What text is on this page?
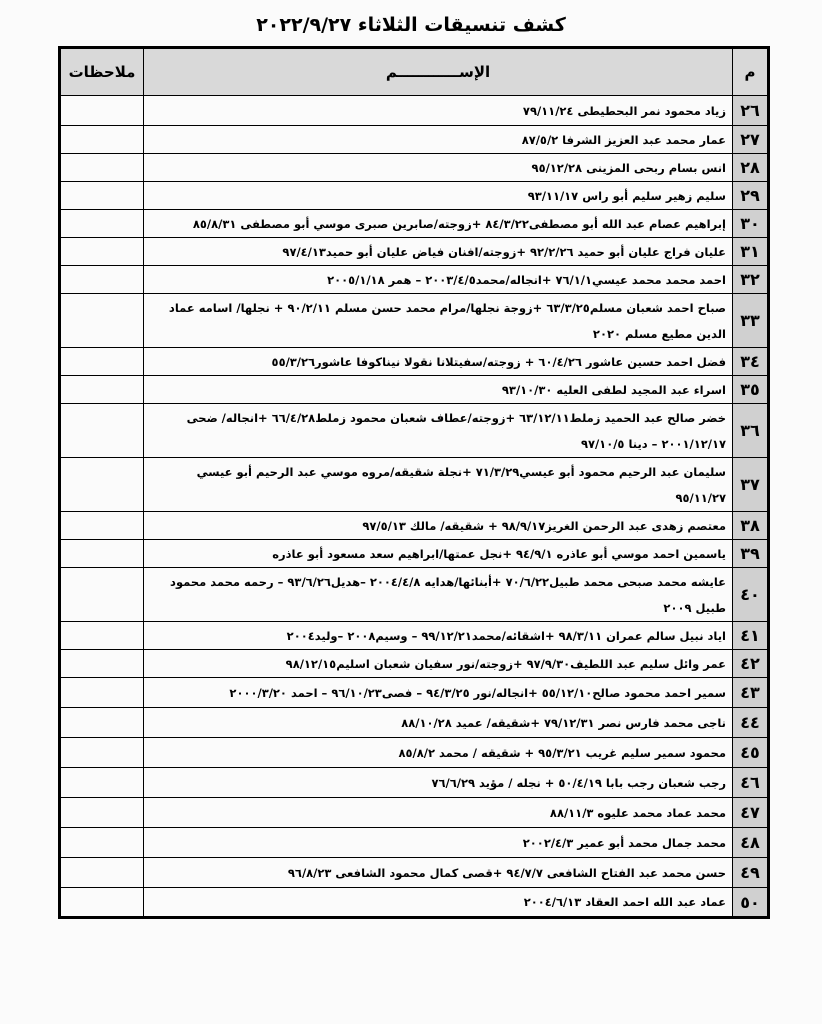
كشف تنسيقات الثلاثاء ٢٠٢٢/٩/٢٧
م	الإســــــــــــم	ملاحظات
٢٦	زياد محمود نمر البحطيطى ٧٩/١١/٢٤	
٢٧	عمار محمد عبد العزيز الشرفا ٨٧/٥/٢	
٢٨	انس بسام ربحى المزينى ٩٥/١٢/٢٨	
٢٩	سليم زهير سليم أبو راس ٩٣/١١/١٧	
٣٠	إبراهيم عصام عبد الله أبو مصطفى٨٤/٣/٢٢ +زوجته/صابرين صبرى موسي أبو مصطفى ٨٥/٨/٣١	
٣١	عليان فراج عليان أبو حميد ٩٢/٢/٢٦ +زوجته/افنان فياض عليان أبو حميد٩٧/٤/١٣	
٣٢	احمد محمد محمد عيسي٧٦/١/١ +انجاله/محمد٢٠٠٣/٤/٥ – همر ٢٠٠٥/١/١٨	
٣٣	صباح احمد شعبان مسلم٦٣/٣/٢٥ +زوجة نجلها/مرام محمد حسن مسلم ٩٠/٢/١١ + نجلها/ اسامه عماد الدين مطيع مسلم ٢٠٢٠	
٣٤	فضل احمد حسين عاشور ٦٠/٤/٢٦ + زوجته/سفيتلانا نقولا نيناكوفا عاشور٥٥/٣/٢٦	
٣٥	اسراء عبد المجيد لطفى العليه ٩٣/١٠/٣٠	
٣٦	خضر صالح عبد الحميد زملط٦٣/١٢/١١ +زوجته/عطاف شعبان محمود زملط٦٦/٤/٢٨ +انجاله/ ضحى ٢٠٠١/١٢/١٧ – دينا ٩٧/١٠/٥	
٣٧	سليمان عبد الرحيم محمود أبو عيسي٧١/٣/٢٩ +نجلة شقيقه/مروه موسي عبد الرحيم أبو عيسي ٩٥/١١/٢٧	
٣٨	معتصم زهدى عبد الرحمن الغريز٩٨/٩/١٧ + شقيقه/ مالك ٩٧/٥/١٣	
٣٩	ياسمين احمد موسي أبو عاذره ٩٤/٩/١ +نجل عمتها/ابراهيم سعد مسعود أبو عاذره	
٤٠	عايشه محمد صبحى محمد طبيل٧٠/٦/٢٢ +أبنائها/هدايه ٢٠٠٤/٤/٨ –هديل٩٣/٦/٢٦ – رحمه محمد محمود طبيل ٢٠٠٩	
٤١	اياد نبيل سالم عمران ٩٨/٣/١١ +اشقائه/محمد٩٩/١٢/٢١ – وسيم٢٠٠٨ –وليد٢٠٠٤	
٤٢	عمر وائل سليم عبد اللطيف٩٧/٩/٣٠ +زوجته/نور سفيان شعبان اسليم٩٨/١٢/١٥	
٤٣	سمير احمد محمود صالح٥٥/١٢/١٠ +انجاله/نور ٩٤/٣/٢٥ – فصى٩٦/١٠/٢٣ – احمد ٢٠٠٠/٣/٢٠	
٤٤	ناجى محمد فارس نصر ٧٩/١٢/٣١ +شقيقه/ عميد ٨٨/١٠/٢٨	
٤٥	محمود سمير سليم غريب ٩٥/٣/٢١ + شقيقه / محمد ٨٥/٨/٢	
٤٦	رجب شعبان رجب بابا ٥٠/٤/١٩ + نجله / مؤيد ٧٦/٦/٢٩	
٤٧	محمد عماد محمد عليوه ٨٨/١١/٣	
٤٨	محمد جمال محمد أبو عمير ٢٠٠٢/٤/٣	
٤٩	حسن محمد عبد الفتاح الشافعى ٩٤/٧/٧ +قصى كمال محمود الشافعى ٩٦/٨/٢٣	
٥٠	عماد عبد الله احمد العقاد ٢٠٠٤/٦/١٣	
